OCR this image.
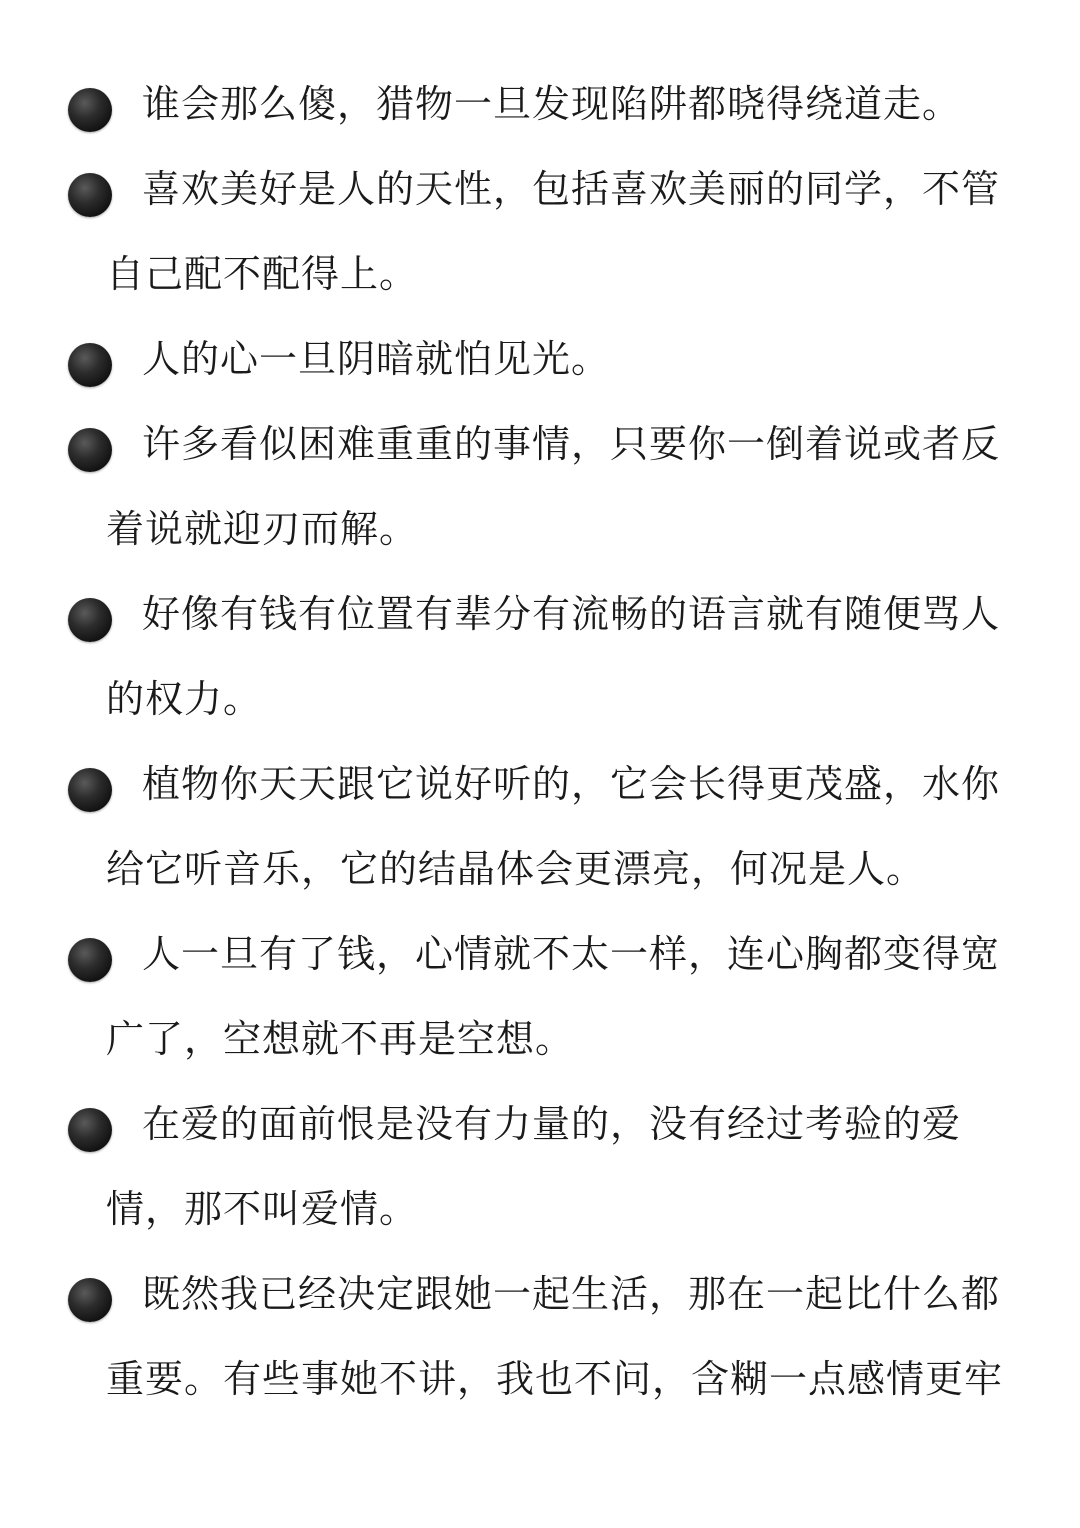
谁会那么傻，猎物一旦发现陷阱都晓得绕道走。
喜欢美好是人的天性，包括喜欢美丽的同学，不管自己配不配得上。
人的心一旦阴暗就怕见光。
许多看似困难重重的事情，只要你一倒着说或者反着说就迎刃而解。
好像有钱有位置有辈分有流畅的语言就有随便骂人的权力。
植物你天天跟它说好听的，它会长得更茂盛，水你给它听音乐，它的结晶体会更漂亮，何况是人。
人一旦有了钱，心情就不太一样，连心胸都变得宽广了，空想就不再是空想。
在爱的面前恨是没有力量的，没有经过考验的爱情，那不叫爱情。
既然我已经决定跟她一起生活，那在一起比什么都重要。有些事她不讲，我也不问，含糊一点感情更牢
